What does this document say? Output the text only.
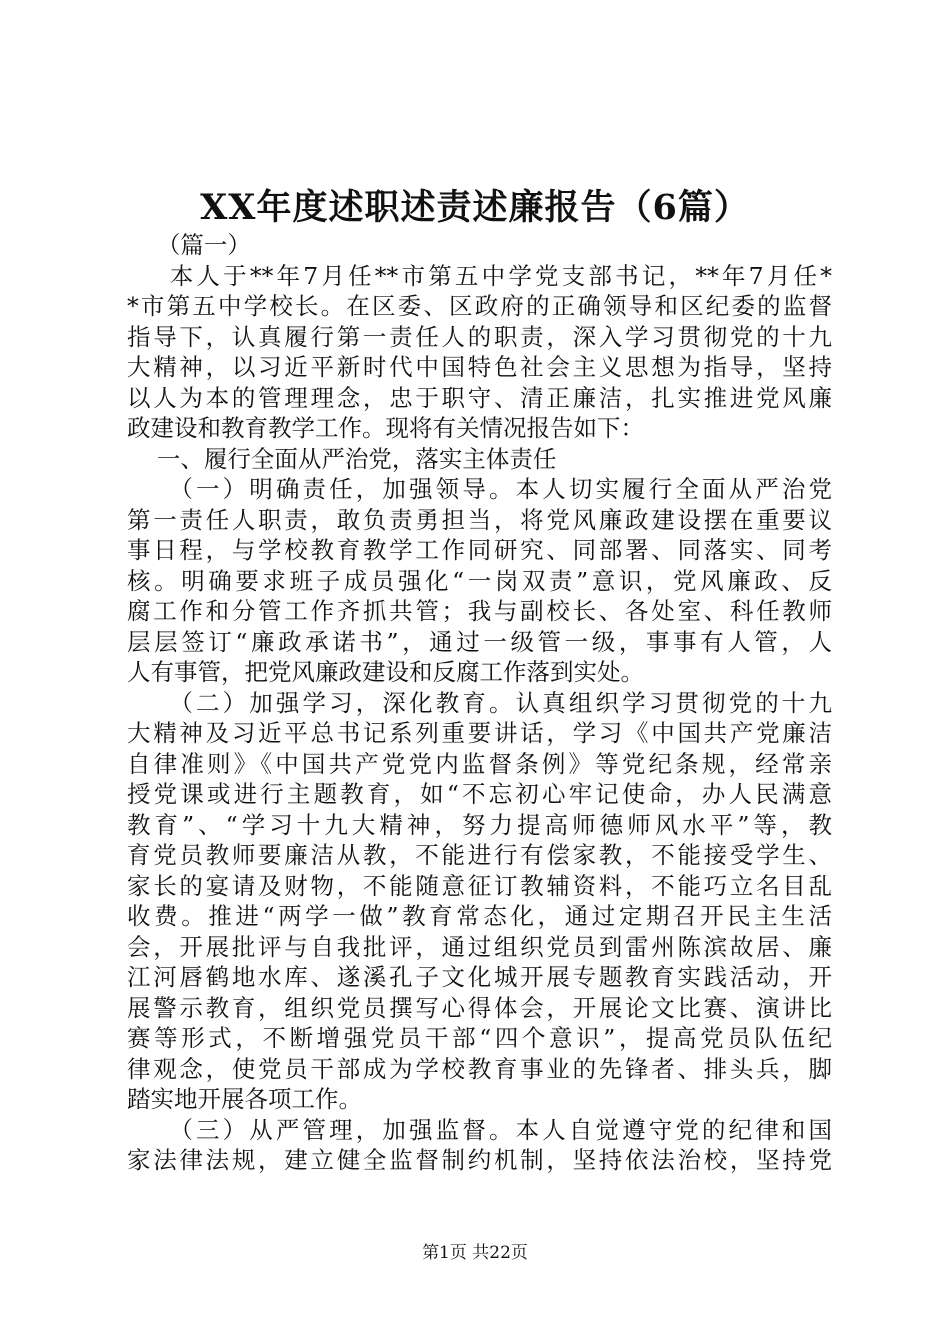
XX年度述职述责述廉报告（6篇）
（篇一）
本人于**年7月任**市第五中学党支部书记，**年7月任*
*市第五中学校长。在区委、区政府的正确领导和区纪委的监督
指导下，认真履行第一责任人的职责，深入学习贯彻党的十九
大精神，以习近平新时代中国特色社会主义思想为指导，坚持
以人为本的管理理念，忠于职守、清正廉洁，扎实推进党风廉
政建设和教育教学工作。现将有关情况报告如下：
一、履行全面从严治党，落实主体责任
（一）明确责任，加强领导。本人切实履行全面从严治党
第一责任人职责，敢负责勇担当，将党风廉政建设摆在重要议
事日程，与学校教育教学工作同研究、同部署、同落实、同考
核。明确要求班子成员强化“一岗双责”意识，党风廉政、反
腐工作和分管工作齐抓共管；我与副校长、各处室、科任教师
层层签订“廉政承诺书”，通过一级管一级，事事有人管，人
人有事管，把党风廉政建设和反腐工作落到实处。
（二）加强学习，深化教育。认真组织学习贯彻党的十九
大精神及习近平总书记系列重要讲话，学习《中国共产党廉洁
自律准则》《中国共产党党内监督条例》等党纪条规，经常亲
授党课或进行主题教育，如“不忘初心牢记使命，办人民满意
教育”、“学习十九大精神，努力提高师德师风水平”等，教
育党员教师要廉洁从教，不能进行有偿家教，不能接受学生、
家长的宴请及财物，不能随意征订教辅资料，不能巧立名目乱
收费。推进“两学一做”教育常态化，通过定期召开民主生活
会，开展批评与自我批评，通过组织党员到雷州陈滨故居、廉
江河唇鹤地水库、遂溪孔子文化城开展专题教育实践活动，开
展警示教育，组织党员撰写心得体会，开展论文比赛、演讲比
赛等形式，不断增强党员干部“四个意识”，提高党员队伍纪
律观念，使党员干部成为学校教育事业的先锋者、排头兵，脚
踏实地开展各项工作。
（三）从严管理，加强监督。本人自觉遵守党的纪律和国
家法律法规，建立健全监督制约机制，坚持依法治校，坚持党
第1页 共22页
